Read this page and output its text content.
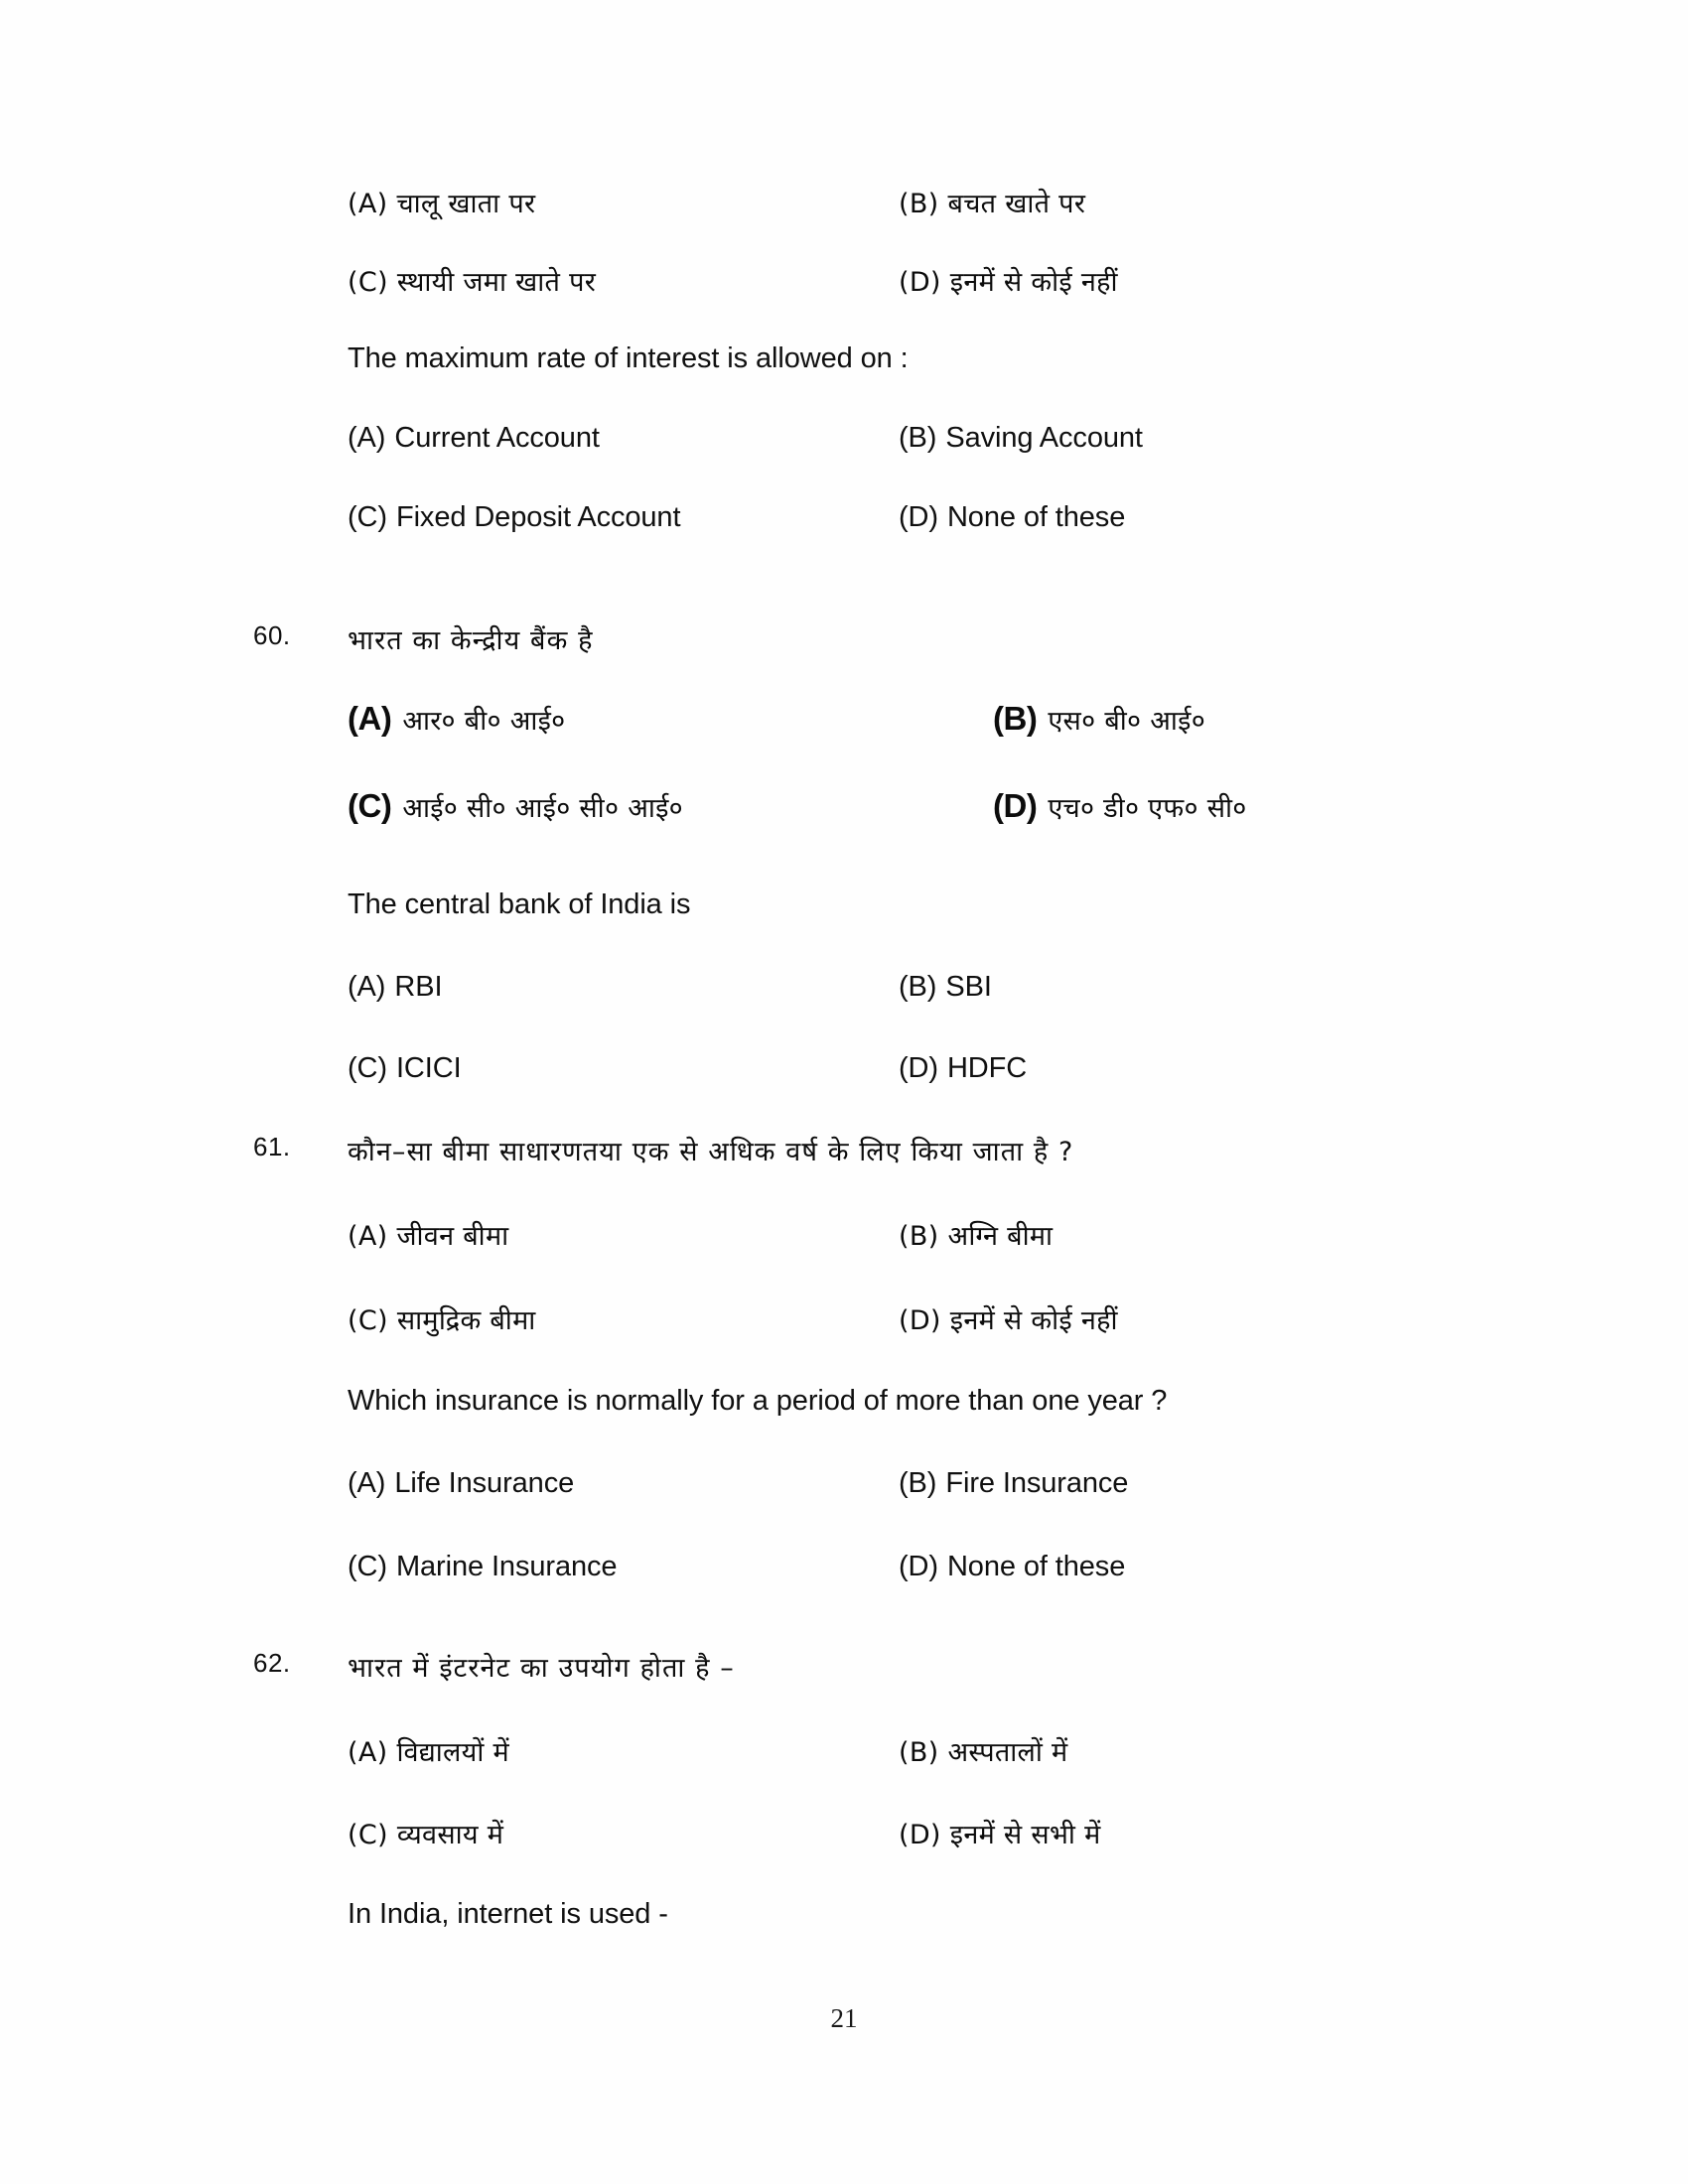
(A) चालू खाता पर	(B) बचत खाते पर
(C) स्थायी जमा खाते पर	(D) इनमें से कोई नहीं
The maximum rate of interest is allowed on :
(A) Current Account	(B) Saving Account
(C) Fixed Deposit Account	(D) None of these
60.	भारत का केन्द्रीय बैंक है
(A) आर० बी० आई०	(B) एस० बी० आई०
(C) आई० सी० आई० सी० आई०	(D) एच० डी० एफ० सी०
The central bank of India is
(A) RBI	(B) SBI
(C) ICICI	(D) HDFC
61.	कौन–सा बीमा साधारणतया एक से अधिक वर्ष के लिए किया जाता है ?
(A) जीवन बीमा	(B) अग्नि बीमा
(C) सामुद्रिक बीमा	(D) इनमें से कोई नहीं
Which insurance is normally for a period of more than one year ?
(A) Life Insurance	(B) Fire Insurance
(C) Marine Insurance	(D) None of these
62.	भारत में इंटरनेट का उपयोग होता है –
(A) विद्यालयों में	(B) अस्पतालों में
(C) व्यवसाय में	(D) इनमें से सभी में
In India, internet is used -
21
